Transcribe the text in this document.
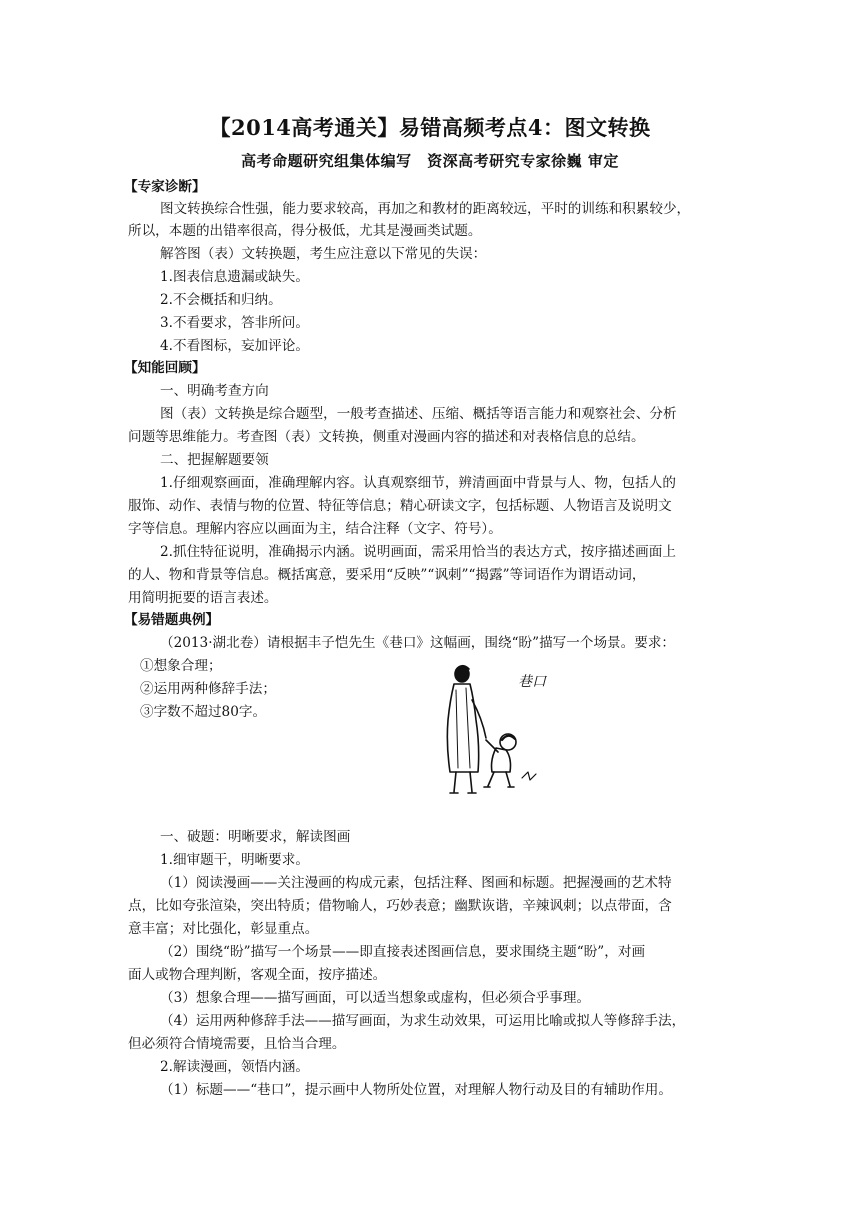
【2014高考通关】易错高频考点4：图文转换
高考命题研究组集体编写　资深高考研究专家徐巍 审定
【专家诊断】
图文转换综合性强，能力要求较高，再加之和教材的距离较远，平时的训练和积累较少，
所以，本题的出错率很高，得分极低，尤其是漫画类试题。
解答图（表）文转换题，考生应注意以下常见的失误：
1.图表信息遗漏或缺失。
2.不会概括和归纳。
3.不看要求，答非所问。
4.不看图标，妄加评论。
【知能回顾】
一、明确考查方向
图（表）文转换是综合题型，一般考查描述、压缩、概括等语言能力和观察社会、分析
问题等思维能力。考查图（表）文转换，侧重对漫画内容的描述和对表格信息的总结。
二、把握解题要领
1.仔细观察画面，准确理解内容。认真观察细节，辨清画面中背景与人、物，包括人的
服饰、动作、表情与物的位置、特征等信息；精心研读文字，包括标题、人物语言及说明文
字等信息。理解内容应以画面为主，结合注释（文字、符号）。
2.抓住特征说明，准确揭示内涵。说明画面，需采用恰当的表达方式，按序描述画面上
的人、物和背景等信息。概括寓意，要采用“反映”“讽刺”“揭露”等词语作为谓语动词，
用简明扼要的语言表述。
【易错题典例】
（2013·湖北卷）请根据丰子恺先生《巷口》这幅画，围绕“盼”描写一个场景。要求：
①想象合理；
②运用两种修辞手法；
③字数不超过80字。
巷口
一、破题：明晰要求，解读图画
1.细审题干，明晰要求。
（1）阅读漫画——关注漫画的构成元素，包括注释、图画和标题。把握漫画的艺术特
点，比如夸张渲染，突出特质；借物喻人，巧妙表意；幽默诙谐，辛辣讽刺；以点带面，含
意丰富；对比强化，彰显重点。
（2）围绕“盼”描写一个场景——即直接表述图画信息，要求围绕主题“盼”，对画
面人或物合理判断，客观全面，按序描述。
（3）想象合理——描写画面，可以适当想象或虚构，但必须合乎事理。
（4）运用两种修辞手法——描写画面，为求生动效果，可运用比喻或拟人等修辞手法，
但必须符合情境需要，且恰当合理。
2.解读漫画，领悟内涵。
（1）标题——“巷口”，提示画中人物所处位置，对理解人物行动及目的有辅助作用。
